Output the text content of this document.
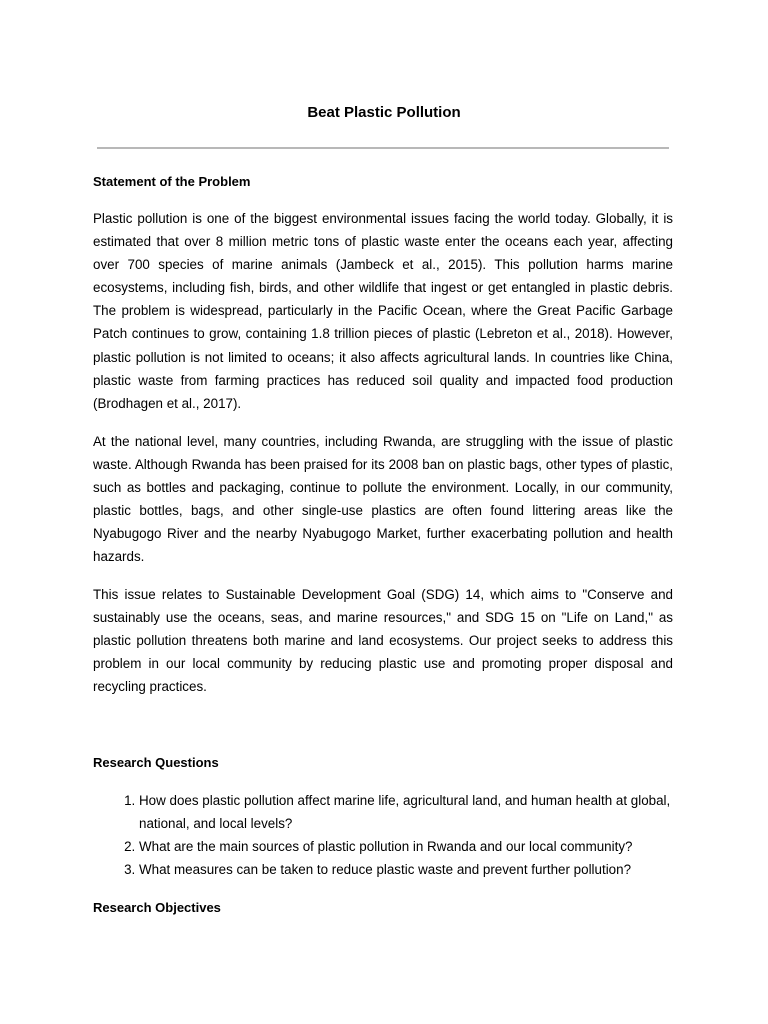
Beat Plastic Pollution
Statement of the Problem

Plastic pollution is one of the biggest environmental issues facing the world today. Globally, it is estimated that over 8 million metric tons of plastic waste enter the oceans each year, affecting over 700 species of marine animals (Jambeck et al., 2015). This pollution harms marine ecosystems, including fish, birds, and other wildlife that ingest or get entangled in plastic debris. The problem is widespread, particularly in the Pacific Ocean, where the Great Pacific Garbage Patch continues to grow, containing 1.8 trillion pieces of plastic (Lebreton et al., 2018). However, plastic pollution is not limited to oceans; it also affects agricultural lands. In countries like China, plastic waste from farming practices has reduced soil quality and impacted food production (Brodhagen et al., 2017).

At the national level, many countries, including Rwanda, are struggling with the issue of plastic waste. Although Rwanda has been praised for its 2008 ban on plastic bags, other types of plastic, such as bottles and packaging, continue to pollute the environment. Locally, in our community, plastic bottles, bags, and other single-use plastics are often found littering areas like the Nyabugogo River and the nearby Nyabugogo Market, further exacerbating pollution and health hazards.

This issue relates to Sustainable Development Goal (SDG) 14, which aims to "Conserve and sustainably use the oceans, seas, and marine resources," and SDG 15 on "Life on Land," as plastic pollution threatens both marine and land ecosystems. Our project seeks to address this problem in our local community by reducing plastic use and promoting proper disposal and recycling practices.

Research Questions
1. How does plastic pollution affect marine life, agricultural land, and human health at global, national, and local levels?
2. What are the main sources of plastic pollution in Rwanda and our local community?
3. What measures can be taken to reduce plastic waste and prevent further pollution?
Research Objectives
